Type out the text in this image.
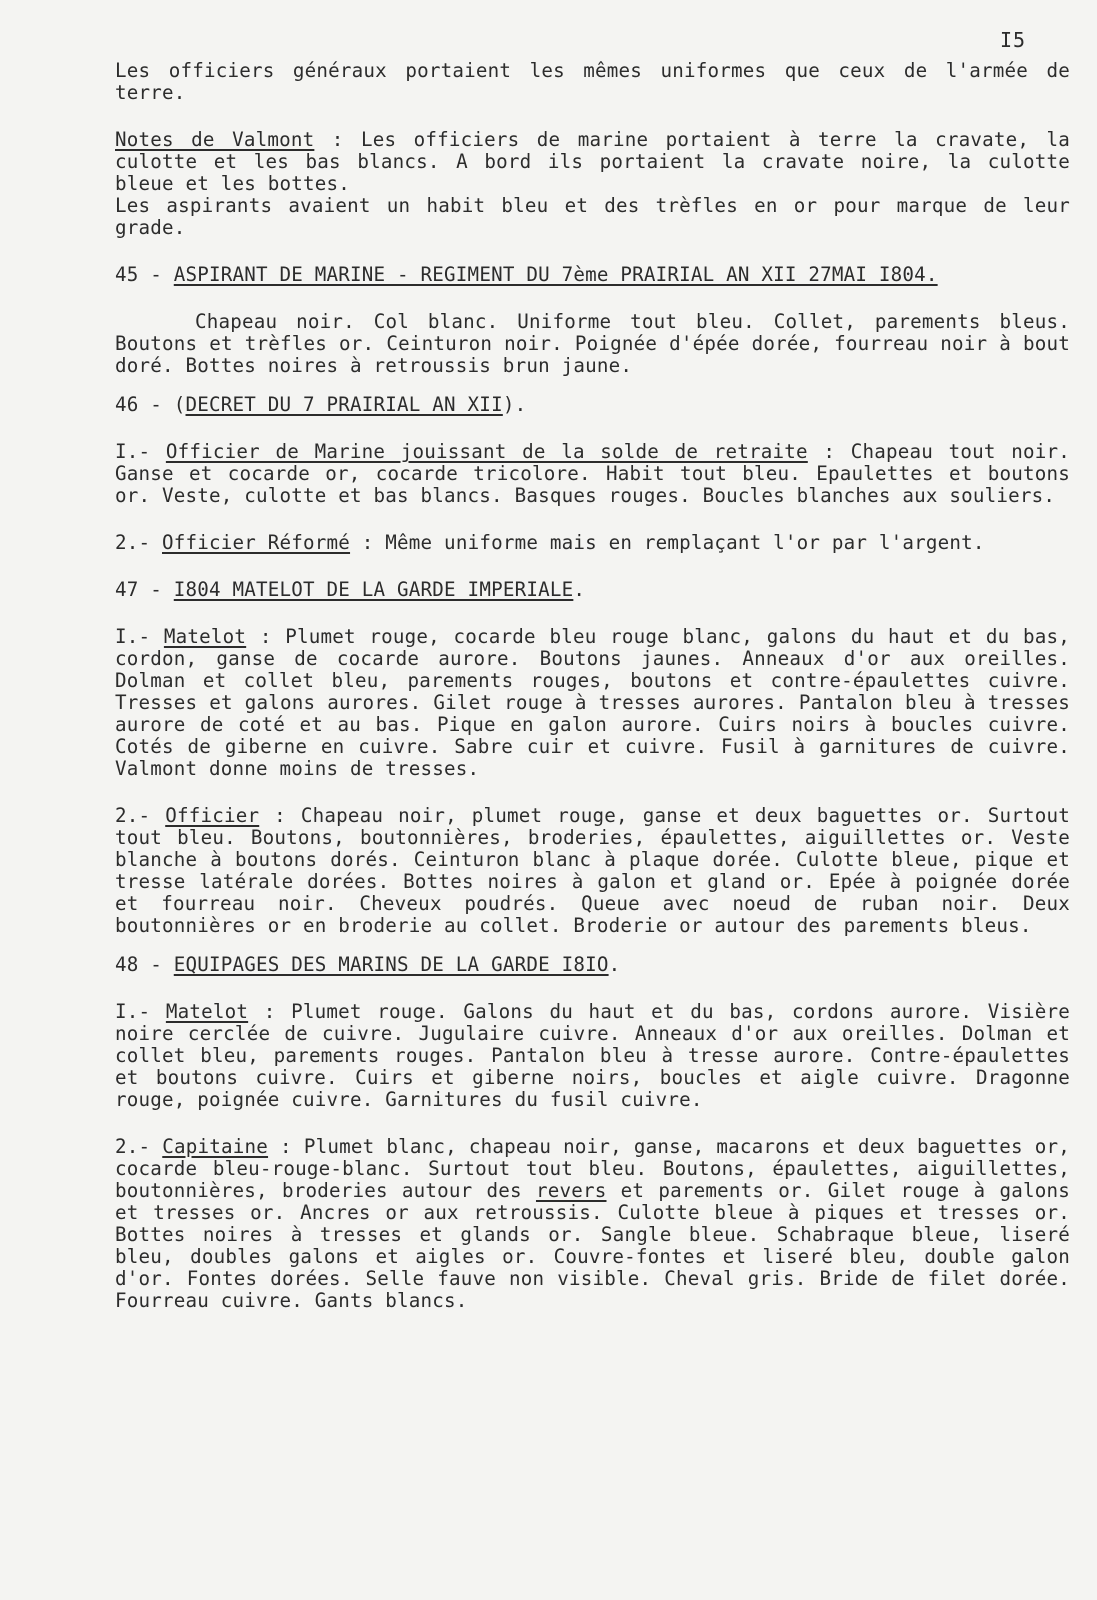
I5

Les officiers généraux portaient les mêmes uniformes que ceux de l'armée de terre.

Notes de Valmont : Les officiers de marine portaient à terre la cravate, la culotte et les bas blancs. A bord ils portaient la cravate noire, la culotte bleue et les bottes.

Les aspirants avaient un habit bleu et des trèfles en or pour marque de leur grade.

45 - ASPIRANT DE MARINE - REGIMENT DU 7ème PRAIRIAL AN XII 27MAI I804.

Chapeau noir. Col blanc. Uniforme tout bleu. Collet, parements bleus. Boutons et trèfles or. Ceinturon noir. Poignée d'épée dorée, fourreau noir à bout doré. Bottes noires à retroussis brun jaune.

46 - (DECRET DU 7 PRAIRIAL AN XII).

I.- Officier de Marine jouissant de la solde de retraite : Chapeau tout noir. Ganse et cocarde or, cocarde tricolore. Habit tout bleu. Epaulettes et boutons or. Veste, culotte et bas blancs. Basques rouges. Boucles blanches aux souliers.

2.- Officier Réformé : Même uniforme mais en remplaçant l'or par l'argent.

47 - I804 MATELOT DE LA GARDE IMPERIALE.

I.- Matelot : Plumet rouge, cocarde bleu rouge blanc, galons du haut et du bas, cordon, ganse de cocarde aurore. Boutons jaunes. Anneaux d'or aux oreilles. Dolman et collet bleu, parements rouges, boutons et contre-épaulettes cuivre. Tresses et galons aurores. Gilet rouge à tresses aurores. Pantalon bleu à tresses aurore de coté et au bas. Pique en galon aurore. Cuirs noirs à boucles cuivre. Cotés de giberne en cuivre. Sabre cuir et cuivre. Fusil à garnitures de cuivre. Valmont donne moins de tresses.

2.- Officier : Chapeau noir, plumet rouge, ganse et deux baguettes or. Surtout tout bleu. Boutons, boutonnières, broderies, épaulettes, aiguillettes or. Veste blanche à boutons dorés. Ceinturon blanc à plaque dorée. Culotte bleue, pique et tresse latérale dorées. Bottes noires à galon et gland or. Epée à poignée dorée et fourreau noir. Cheveux poudrés. Queue avec noeud de ruban noir. Deux boutonnières or en broderie au collet. Broderie or autour des parements bleus.

48 - EQUIPAGES DES MARINS DE LA GARDE I8IO.

I.- Matelot : Plumet rouge. Galons du haut et du bas, cordons aurore. Visière noire cerclée de cuivre. Jugulaire cuivre. Anneaux d'or aux oreilles. Dolman et collet bleu, parements rouges. Pantalon bleu à tresse aurore. Contre-épaulettes et boutons cuivre. Cuirs et giberne noirs, boucles et aigle cuivre. Dragonne rouge, poignée cuivre. Garnitures du fusil cuivre.

2.- Capitaine : Plumet blanc, chapeau noir, ganse, macarons et deux baguettes or, cocarde bleu-rouge-blanc. Surtout tout bleu. Boutons, épaulettes, aiguillettes, boutonnières, broderies autour des revers et parements or. Gilet rouge à galons et tresses or. Ancres or aux retroussis. Culotte bleue à piques et tresses or. Bottes noires à tresses et glands or. Sangle bleue. Schabraque bleue, liseré bleu, doubles galons et aigles or. Couvre-fontes et liseré bleu, double galon d'or. Fontes dorées. Selle fauve non visible. Cheval gris. Bride de filet dorée. Fourreau cuivre. Gants blancs.
